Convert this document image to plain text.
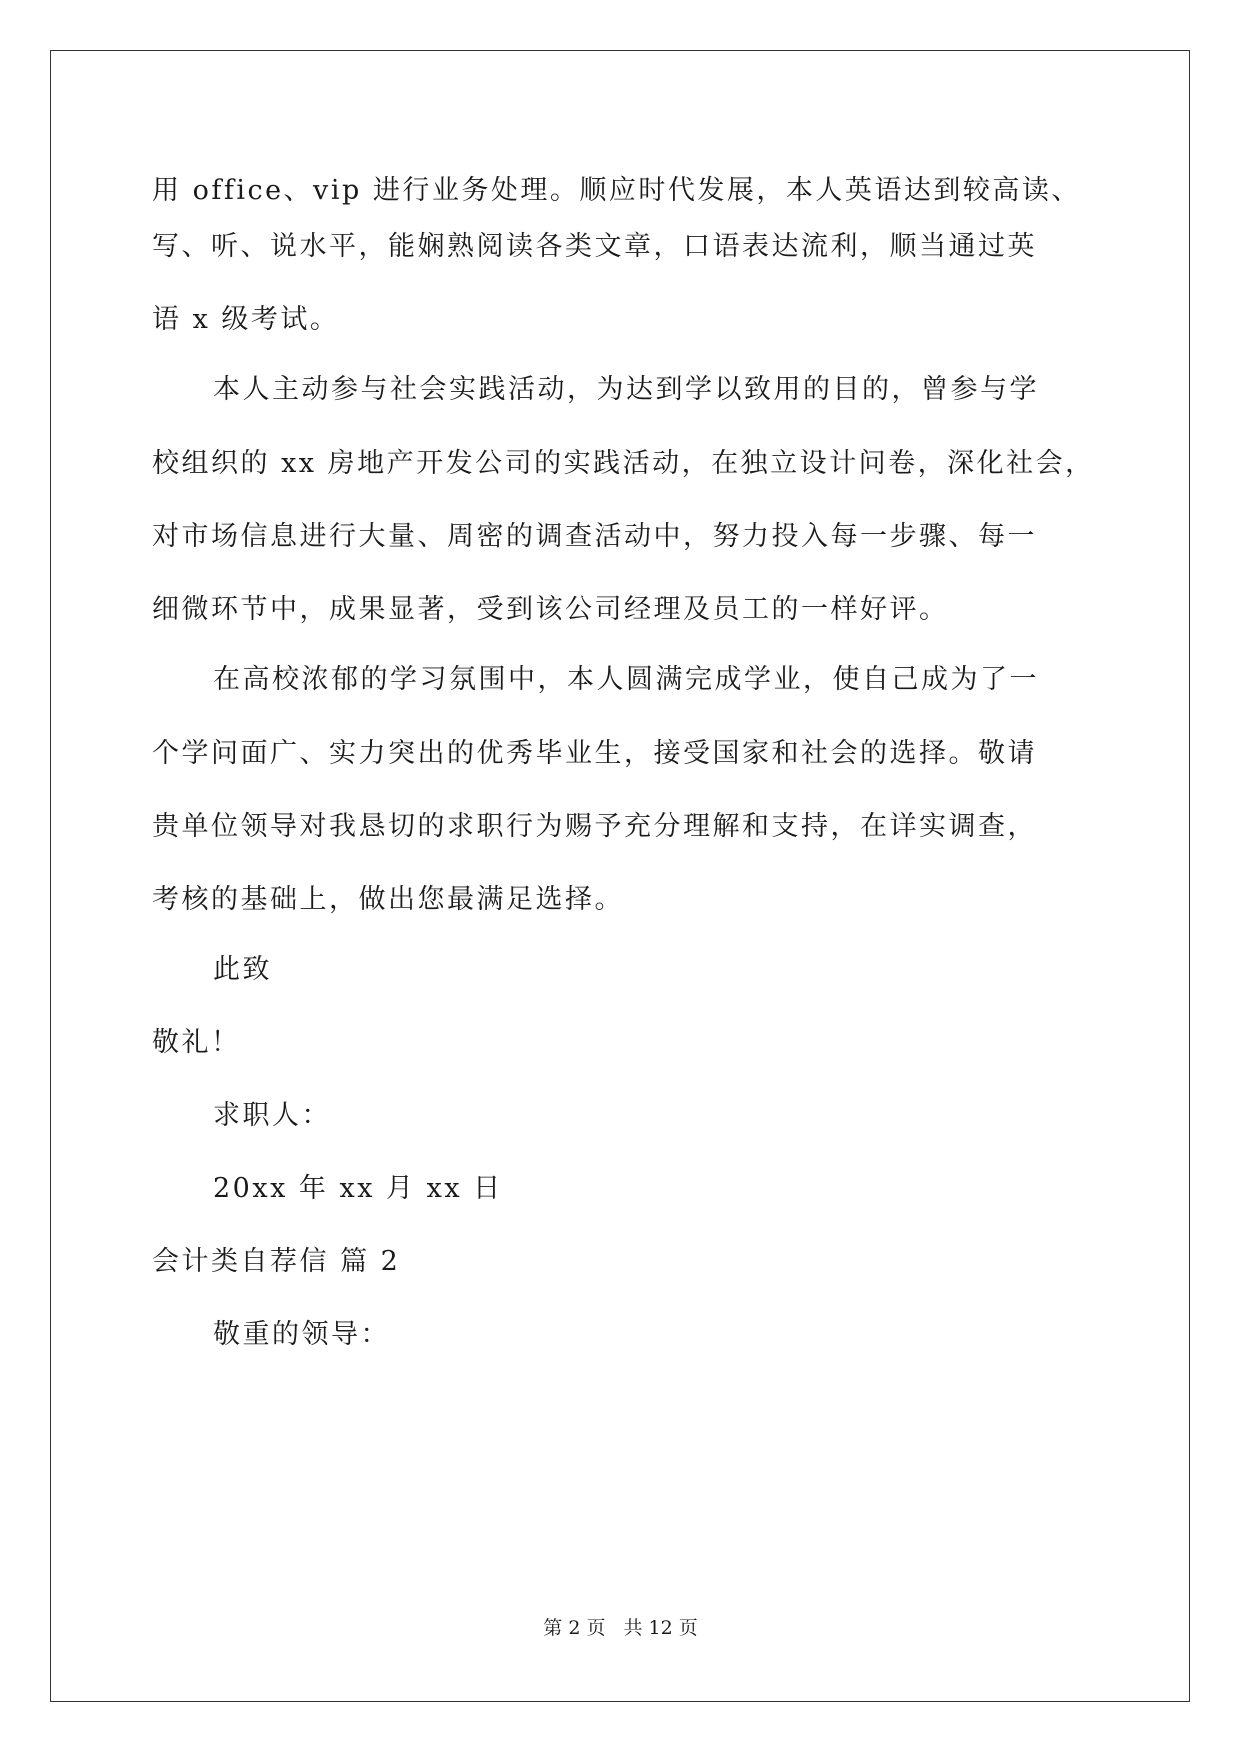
用 office、vip 进行业务处理。顺应时代发展，本人英语达到较高读、
写、听、说水平，能娴熟阅读各类文章，口语表达流利，顺当通过英
语 x 级考试。
本人主动参与社会实践活动，为达到学以致用的目的，曾参与学
校组织的 xx 房地产开发公司的实践活动，在独立设计问卷，深化社会，
对市场信息进行大量、周密的调查活动中，努力投入每一步骤、每一
细微环节中，成果显著，受到该公司经理及员工的一样好评。
在高校浓郁的学习氛围中，本人圆满完成学业，使自己成为了一
个学问面广、实力突出的优秀毕业生，接受国家和社会的选择。敬请
贵单位领导对我恳切的求职行为赐予充分理解和支持，在详实调查，
考核的基础上，做出您最满足选择。
此致
敬礼！
求职人：
20xx 年 xx 月 xx 日
会计类自荐信 篇 2
敬重的领导：
第 2 页 共 12 页
